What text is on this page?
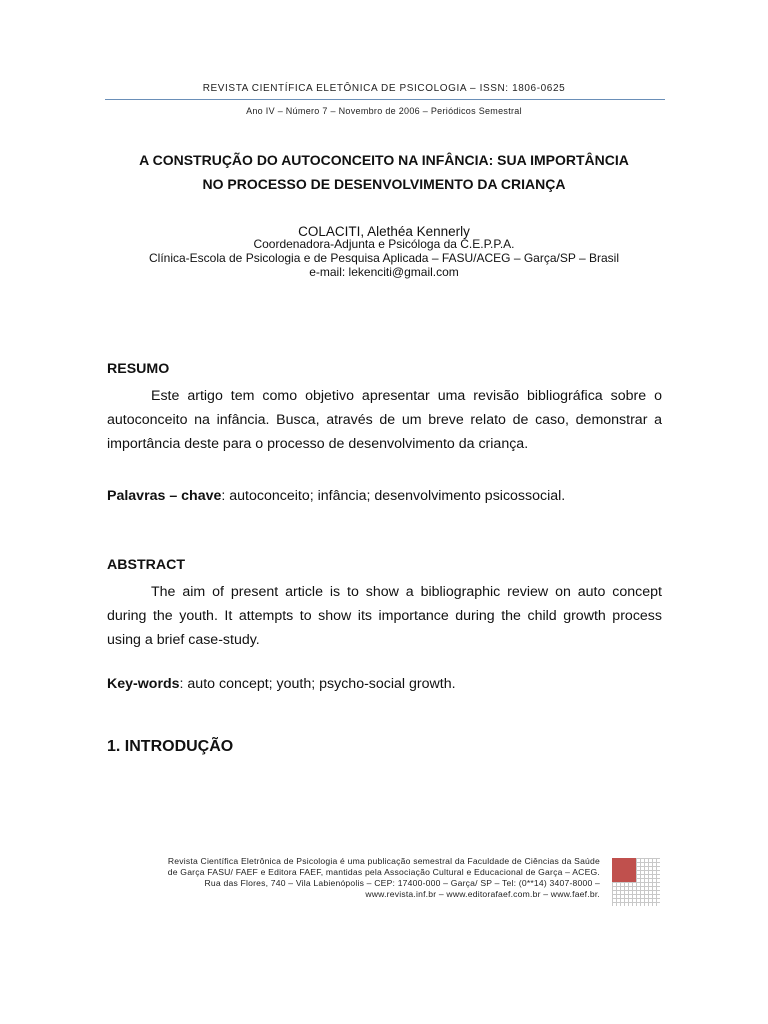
REVISTA CIENTÍFICA ELETÔNICA DE PSICOLOGIA – ISSN: 1806-0625
Ano IV – Número 7 – Novembro de 2006 – Periódicos Semestral
A CONSTRUÇÃO DO AUTOCONCEITO NA INFÂNCIA: SUA IMPORTÂNCIA
NO PROCESSO DE DESENVOLVIMENTO DA CRIANÇA
COLACITI, Alethéa Kennerly
Coordenadora-Adjunta e Psicóloga da C.E.P.P.A.
Clínica-Escola de Psicologia e de Pesquisa Aplicada – FASU/ACEG – Garça/SP – Brasil
e-mail: lekenciti@gmail.com
RESUMO
Este artigo tem como objetivo apresentar uma revisão bibliográfica sobre o autoconceito na infância. Busca, através de um breve relato de caso, demonstrar a importância deste para o processo de desenvolvimento da criança.
Palavras – chave: autoconceito; infância; desenvolvimento psicossocial.
ABSTRACT
The aim of present article is to show a bibliographic review on auto concept during the youth. It attempts to show its importance during the child growth process using a brief case-study.
Key-words: auto concept; youth; psycho-social growth.
1. INTRODUÇÃO
Revista Científica Eletrônica de Psicologia é uma publicação semestral da Faculdade de Ciências da Saúde
de Garça FASU/ FAEF e Editora FAEF, mantidas pela Associação Cultural e Educacional de Garça – ACEG.
Rua das Flores, 740 – Vila Labienópolis – CEP: 17400-000 – Garça/ SP – Tel: (0**14) 3407-8000 –
www.revista.inf.br – www.editorafaef.com.br – www.faef.br.
